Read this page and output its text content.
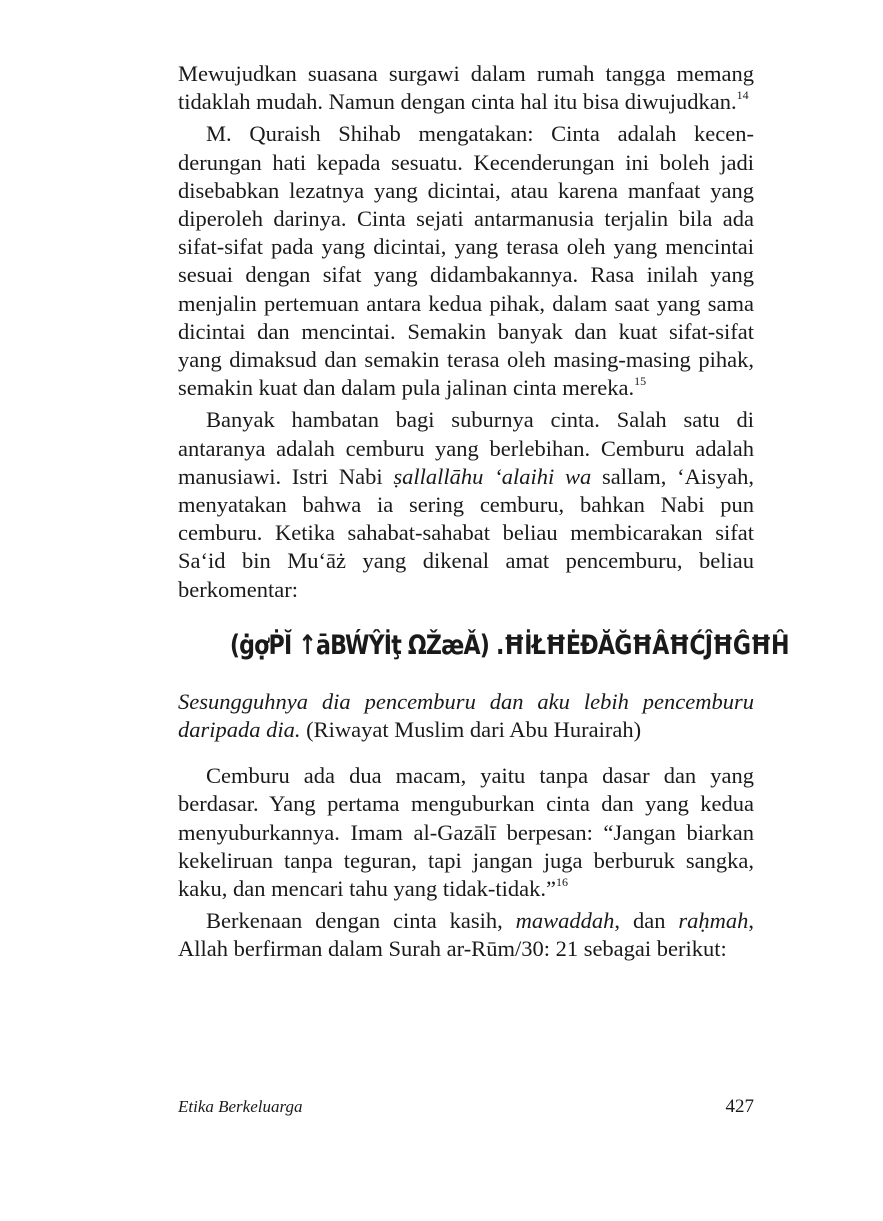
Mewujudkan suasana surgawi dalam rumah tangga memang tidaklah mudah. Namun dengan cinta hal itu bisa diwujudkan.$^{14}$

M. Quraish Shihab mengatakan: Cinta adalah kecenderungan hati kepada sesuatu. Kecenderungan ini boleh jadi disebabkan lezatnya yang dicintai, atau karena manfaat yang diperoleh darinya. Cinta sejati antarmanusia terjalin bila ada sifat-sifat pada yang dicintai, yang terasa oleh yang mencintai sesuai dengan sifat yang didambakannya. Rasa inilah yang menjalin pertemuan antara kedua pihak, dalam saat yang sama dicintai dan mencintai. Semakin banyak dan kuat sifat-sifat yang dimaksud dan semakin terasa oleh masing-masing pihak, semakin kuat dan dalam pula jalinan cinta mereka.$^{15}$

Banyak hambatan bagi suburnya cinta. Salah satu di antaranya adalah cemburu yang berlebihan. Cemburu adalah manusiawi. Istri Nabi ṣallallāhu ‘alaihi wa sallam, ‘Aisyah, menyatakan bahwa ia sering cemburu, bahkan Nabi pun cemburu. Ketika sahabat-sahabat beliau membicarakan sifat Sa‘id bin Mu‘āż yang dikenal amat pencemburu, beliau berkomentar:

(ġợṖĬ ↑āBẂŶİţ ΩŽæǍ) .ĦİŁĦĖÐĂĞĦÂĦĆĴĦĜĦĤ

Sesungguhnya dia pencemburu dan aku lebih pencemburu daripada dia. (Riwayat Muslim dari Abu Hurairah)

Cemburu ada dua macam, yaitu tanpa dasar dan yang berdasar. Yang pertama menguburkan cinta dan yang kedua menyuburkannya. Imam al-Gazālī berpesan: “Jangan biarkan kekeliruan tanpa teguran, tapi jangan juga berburuk sangka, kaku, dan mencari tahu yang tidak-tidak.”$^{16}$

Berkenaan dengan cinta kasih, mawaddah, dan raḥmah, Allah berfirman dalam Surah ar-Rūm/30: 21 sebagai berikut:

Etika Berkeluarga	427
